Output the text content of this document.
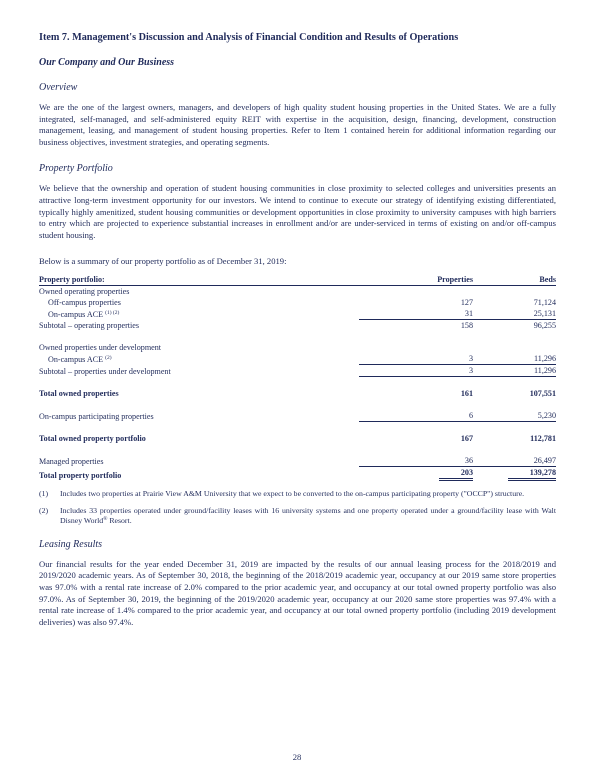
Item 7. Management's Discussion and Analysis of Financial Condition and Results of Operations
Our Company and Our Business
Overview

We are the one of the largest owners, managers, and developers of high quality student housing properties in the United States. We are a fully integrated, self-managed, and self-administered equity REIT with expertise in the acquisition, design, financing, development, construction management, leasing, and management of student housing properties. Refer to Item 1 contained herein for additional information regarding our business objectives, investment strategies, and operating segments.

Property Portfolio

We believe that the ownership and operation of student housing communities in close proximity to selected colleges and universities presents an attractive long-term investment opportunity for our investors. We intend to continue to execute our strategy of identifying existing differentiated, typically highly amenitized, student housing communities or development opportunities in close proximity to university campuses with high barriers to entry which are projected to experience substantial increases in enrollment and/or are under-serviced in terms of existing on and/or off-campus student housing.

Below is a summary of our property portfolio as of December 31, 2019:

Property portfolio:	Properties	Beds
Owned operating properties		
Off-campus properties	127	71,124
On-campus ACE $^{(1) (2)}$	31	25,131
Subtotal – operating properties	158	96,255

Owned properties under development		
On-campus ACE $^{(2)}$	3	11,296
Subtotal – properties under development	3	11,296

Total owned properties	161	107,551

On-campus participating properties	6	5,230

Total owned property portfolio	167	112,781

Managed properties	36	26,497
Total property portfolio	203	139,278
(1)	Includes two properties at Prairie View A&M University that we expect to be converted to the on-campus participating property ("OCCP") structure.
(2)	Includes 33 properties operated under ground/facility leases with 16 university systems and one property operated under a ground/facility lease with Walt Disney World® Resort.
Leasing Results

Our financial results for the year ended December 31, 2019 are impacted by the results of our annual leasing process for the 2018/2019 and 2019/2020 academic years. As of September 30, 2018, the beginning of the 2018/2019 academic year, occupancy at our 2019 same store properties was 97.0% with a rental rate increase of 2.0% compared to the prior academic year, and occupancy at our total owned property portfolio was also 97.0%. As of September 30, 2019, the beginning of the 2019/2020 academic year, occupancy at our 2020 same store properties was 97.4% with a rental rate increase of 1.4% compared to the prior academic year, and occupancy at our total owned property portfolio (including 2019 development deliveries) was also 97.4%.

28
